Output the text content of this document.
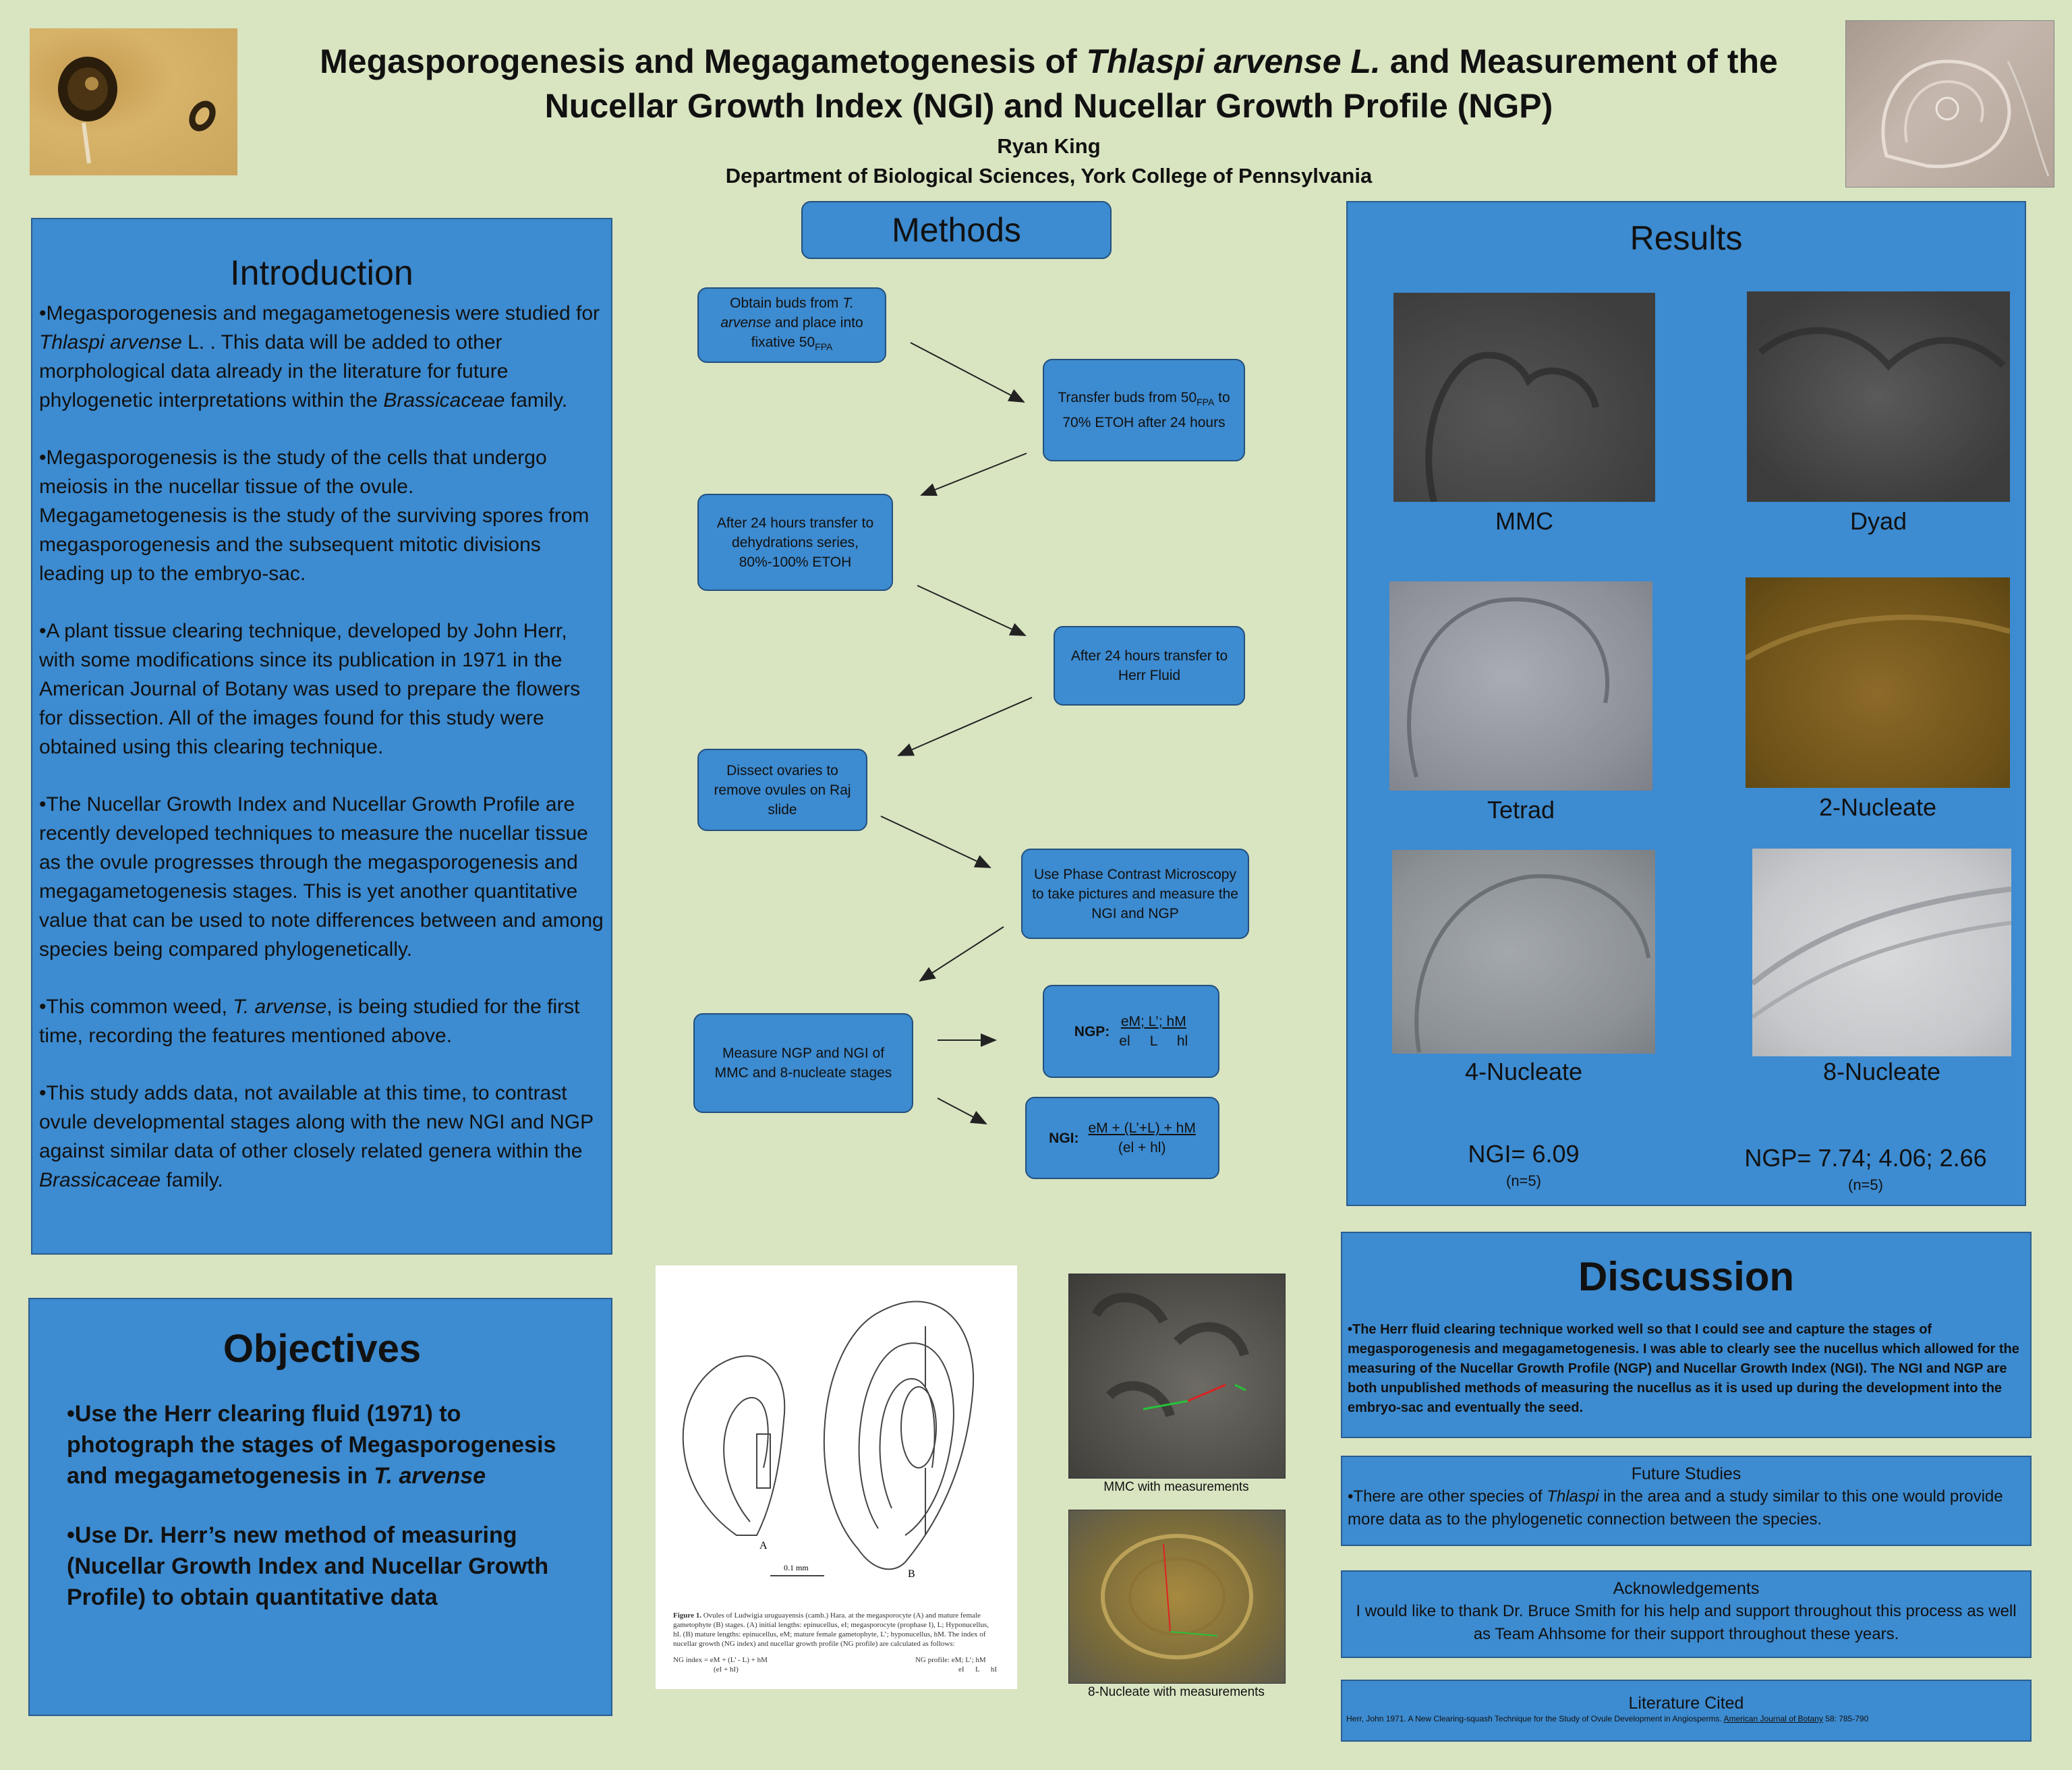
Megasporogenesis and Megagametogenesis of Thlaspi arvense L. and Measurement of the
Nucellar Growth Index (NGI) and Nucellar Growth Profile (NGP)
Ryan King
Department of Biological Sciences, York College of Pennsylvania
Introduction

•Megasporogenesis and megagametogenesis were studied for Thlaspi arvense L. . This data will be added to other morphological data already in the literature for future phylogenetic interpretations within the Brassicaceae family.

•Megasporogenesis is the study of the cells that undergo meiosis in the nucellar tissue of the ovule. Megagametogenesis is the study of the surviving spores from megasporogenesis and the subsequent mitotic divisions leading up to the embryo-sac.

•A plant tissue clearing technique, developed by John Herr, with some modifications since its publication in 1971 in the American Journal of Botany was used to prepare the flowers for dissection. All of the images found for this study were obtained using this clearing technique.

•The Nucellar Growth Index and Nucellar Growth Profile are recently developed techniques to measure the nucellar tissue as the ovule progresses through the megasporogenesis and megagametogenesis stages. This is yet another quantitative value that can be used to note differences between and among species being compared phylogenetically.

•This common weed, T. arvense, is being studied for the first time, recording the features mentioned above.

•This study adds data, not available at this time, to contrast ovule developmental stages along with the new NGI and NGP against similar data of other closely related genera within the Brassicaceae family.

Objectives

•Use the Herr clearing fluid (1971) to photograph the stages of Megasporogenesis and megagametogenesis in T. arvense

•Use Dr. Herr’s new method of measuring (Nucellar Growth Index and Nucellar Growth Profile) to obtain quantitative data

Methods
Obtain buds from T. arvense and place into fixative $50_{FPA}$
Transfer buds from $50_{FPA}$ to 70% ETOH after 24 hours
After 24 hours transfer to dehydrations series, 80%-100% ETOH
After 24 hours transfer to Herr Fluid
Dissect ovaries to remove ovules on Raj slide
Use Phase Contrast Microscopy to take pictures and measure the NGI and NGP
Measure NGP and NGI of MMC and 8-nucleate stages
NGP:
eM; L’; hM
el     L     hl
NGI:
eM + (L’+L) + hM
(el + hl)
A
B
0.1 mm
Figure 1. Ovules of Ludwigia uruguayensis (camb.) Hara. at the megasporocyte (A) and mature female gametophyte (B) stages. (A) initial lengths: epinucellus, eI; megasporocyte (prophase I), L; Hyponucellus, hI. (B) mature lengths: epinucellus, eM; mature female gametophyte, L’; hyponucellus, hM. The index of nucellar growth (NG index) and nucellar growth profile (NG profile) are calculated as follows:
NG index = eM + (L’ - L) + hM
(eI + hI)
NG profile: eM; L’; hM
eI      L      hI
MMC with measurements
8-Nucleate with measurements
Results
MMC	Dyad
Tetrad	2-Nucleate
4-Nucleate	8-Nucleate
NGI= 6.09
(n=5)
NGP= 7.74; 4.06; 2.66
(n=5)
Discussion
•The Herr fluid clearing technique worked well so that I could see and capture the stages of megasporogenesis and megagametogenesis. I was able to clearly see the nucellus which allowed for the measuring of the Nucellar Growth Profile (NGP) and Nucellar Growth Index (NGI). The NGI and NGP are both unpublished methods of measuring the nucellus as it is used up during the development into the embryo-sac and eventually the seed.
Future Studies
•There are other species of Thlaspi in the area and a study similar to this one would provide more data as to the phylogenetic connection between the species.
Acknowledgements
I would like to thank Dr. Bruce Smith for his help and support throughout this process as well as Team Ahhsome for their support throughout these years.
Literature Cited
Herr, John 1971. A New Clearing-squash Technique for the Study of Ovule Development in Angiosperms. American Journal of Botany 58: 785-790
